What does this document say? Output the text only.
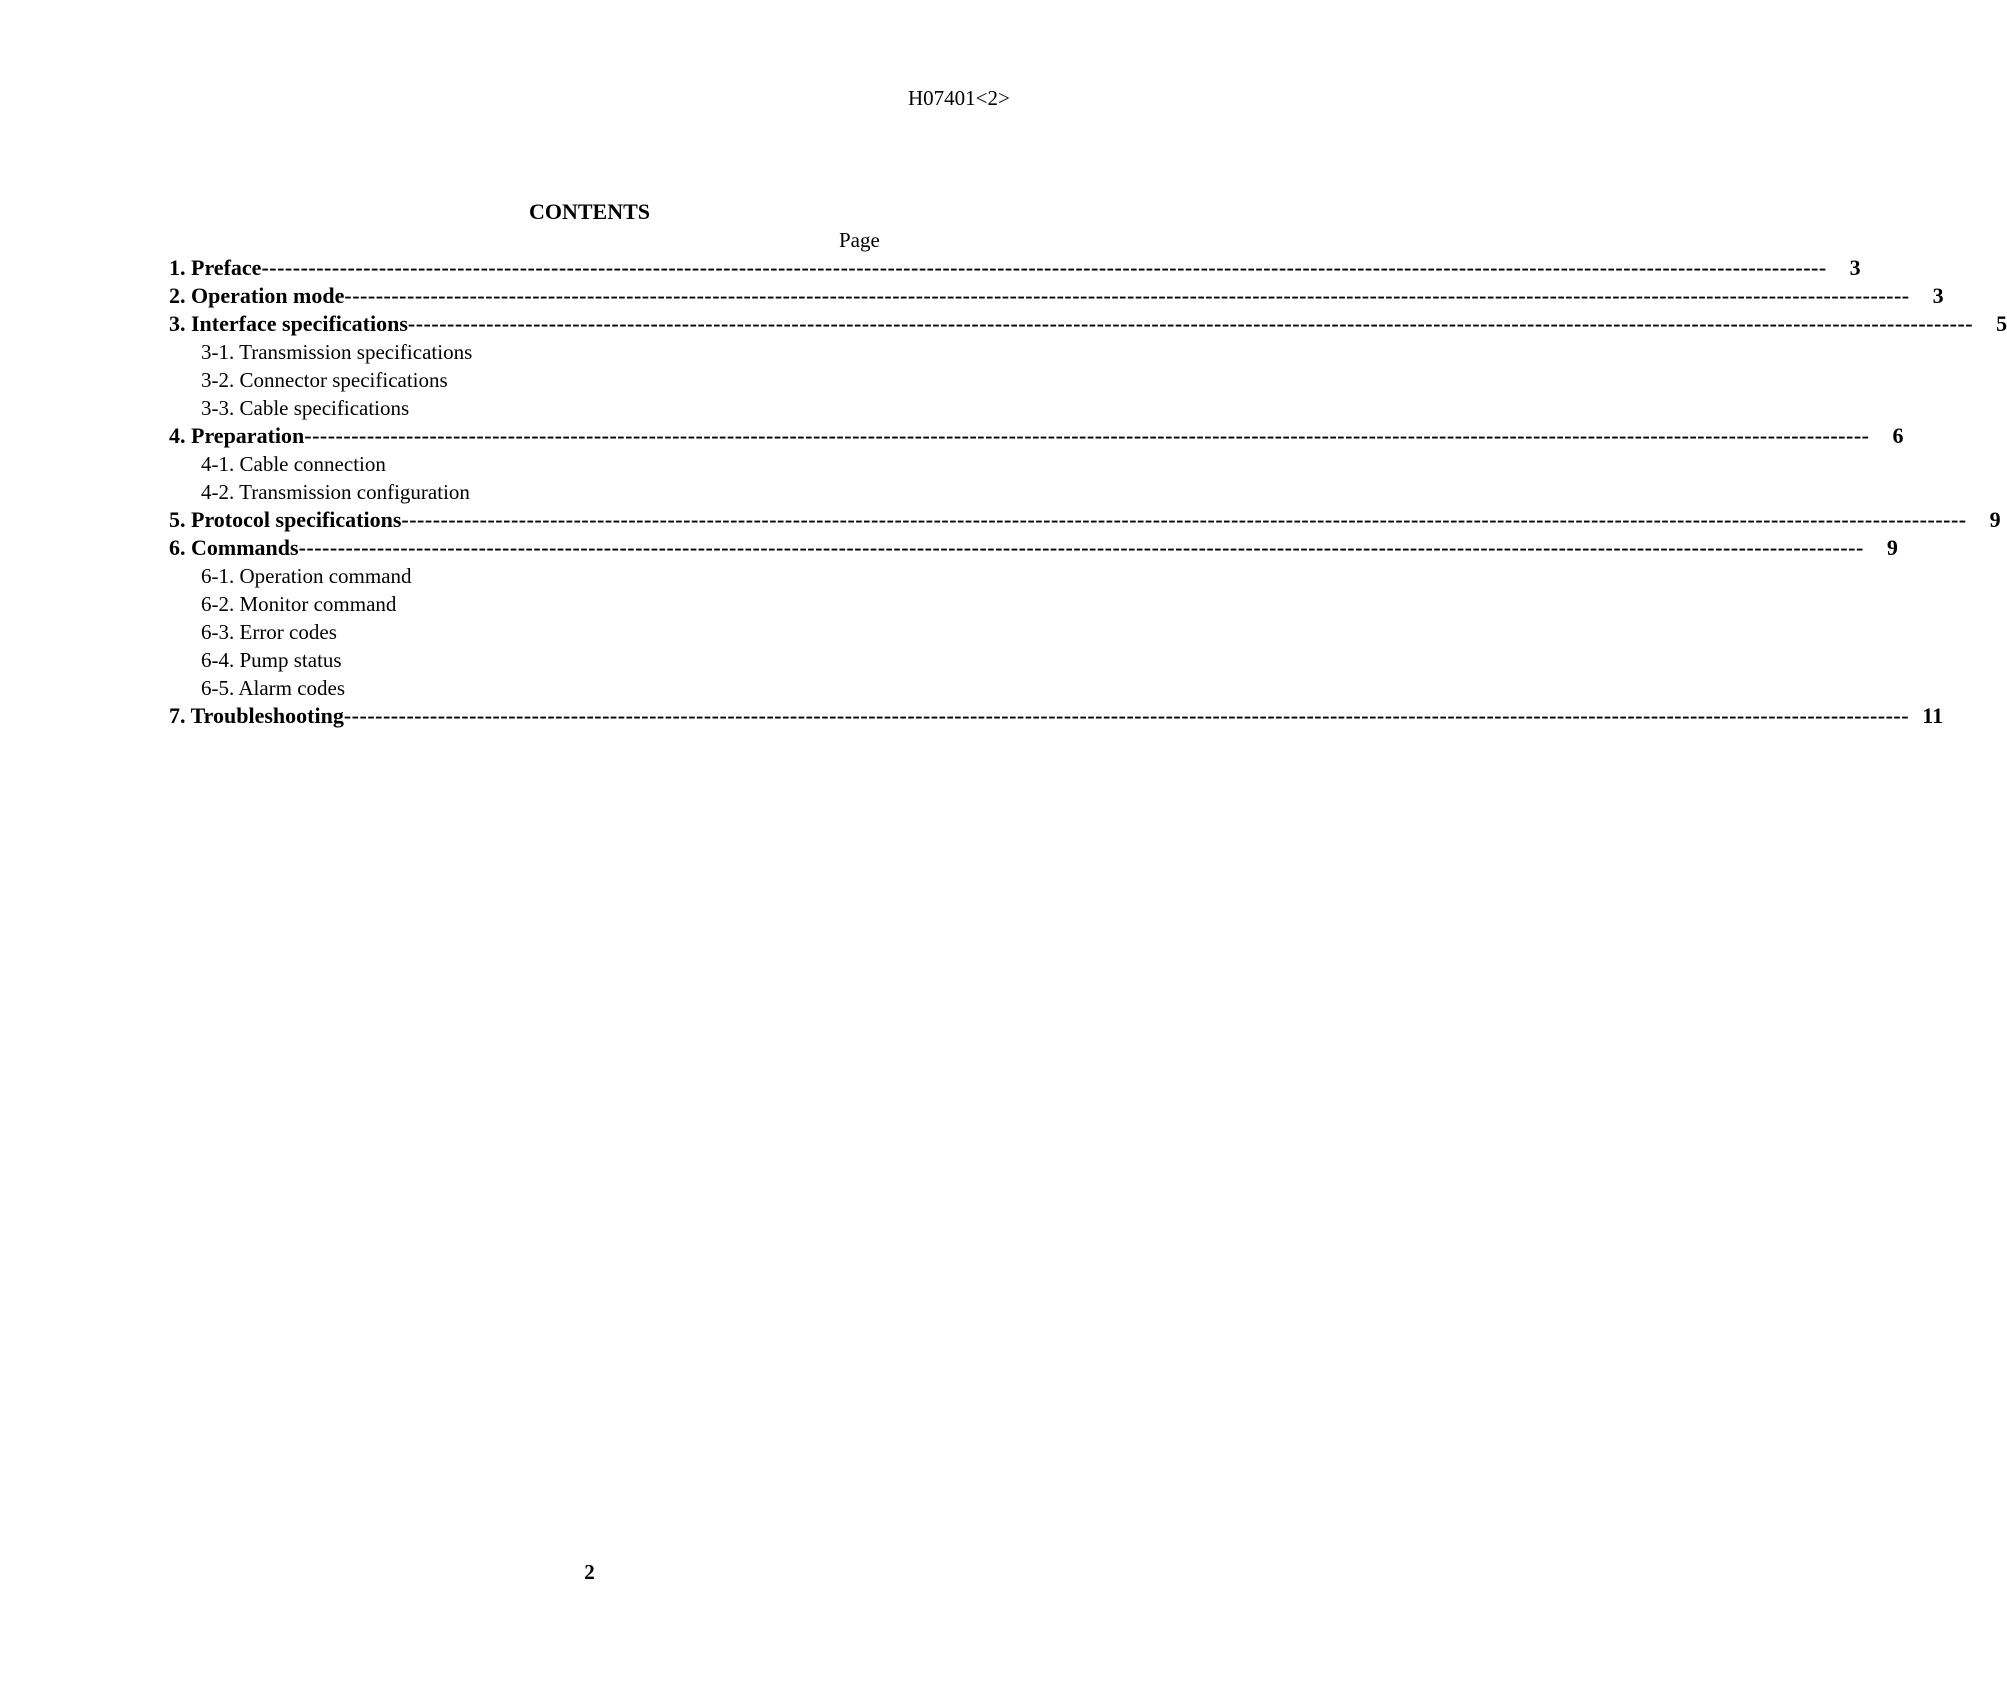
H07401<2>
CONTENTS
Page
1. Preface --------------------------------------------------------------------------------------------------------------------------------------------------------------------------------------------------------	3
2. Operation mode --------------------------------------------------------------------------------------------------------------------------------------------------------------------------------------------------------	3
3. Interface specifications --------------------------------------------------------------------------------------------------------------------------------------------------------------------------------------------------------	5
3-1. Transmission specifications
3-2. Connector specifications
3-3. Cable specifications
4. Preparation --------------------------------------------------------------------------------------------------------------------------------------------------------------------------------------------------------	6
4-1. Cable connection
4-2. Transmission configuration
5. Protocol specifications --------------------------------------------------------------------------------------------------------------------------------------------------------------------------------------------------------	9
6. Commands --------------------------------------------------------------------------------------------------------------------------------------------------------------------------------------------------------	9
6-1. Operation command
6-2. Monitor command
6-3. Error codes
6-4. Pump status
6-5. Alarm codes
7. Troubleshooting -------------------------------------------------------------------------------------------------------------------------------------------------------------------------------------------------------- 11
2
